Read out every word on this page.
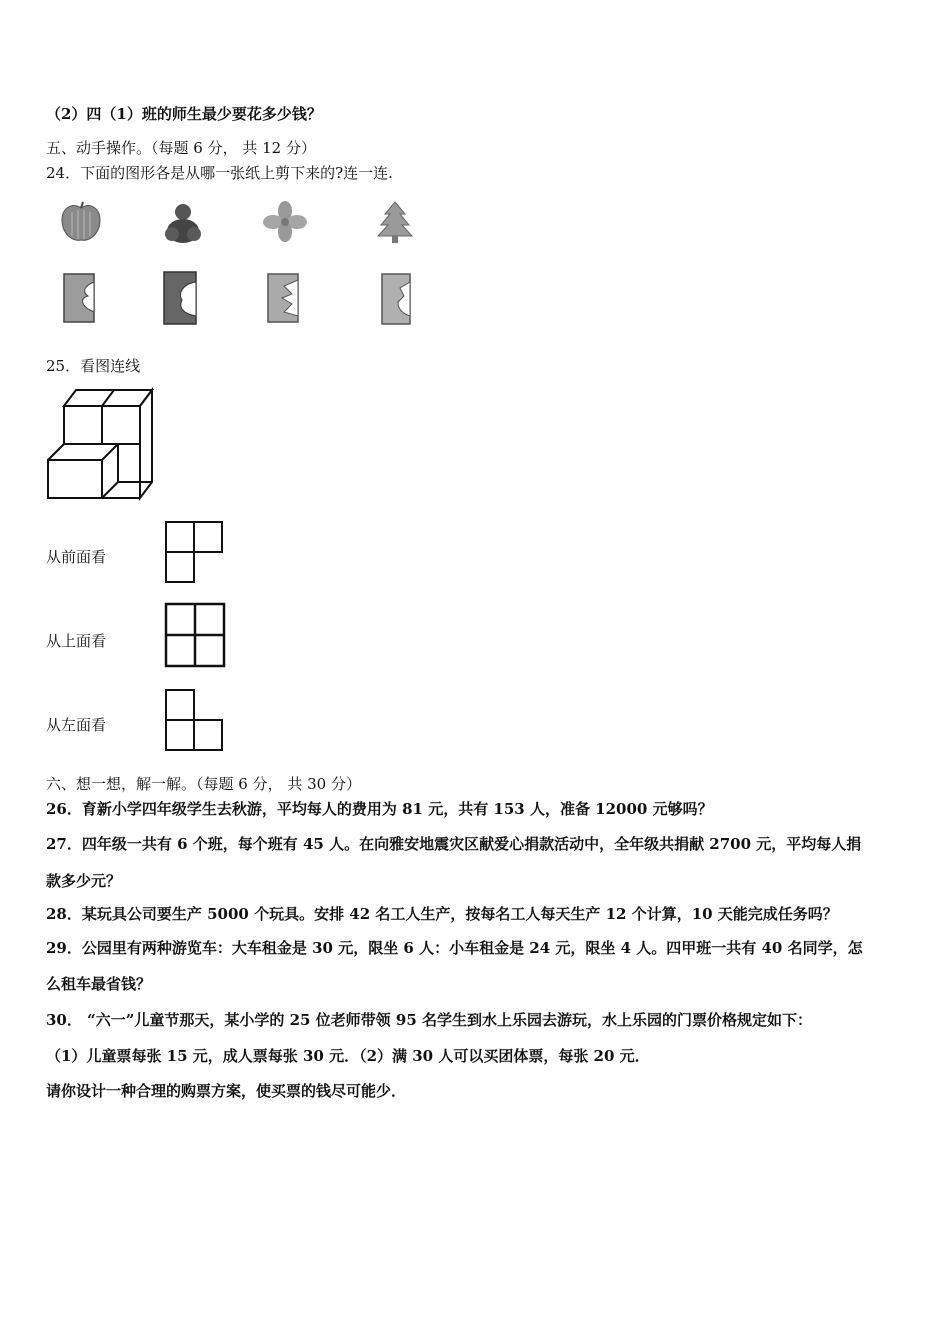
（2）四（1）班的师生最少要花多少钱？
五、动手操作。（每题 6 分， 共 12 分）
24．下面的图形各是从哪一张纸上剪下来的?连一连.
25．看图连线
从前面看
从上面看
从左面看
六、想一想，解一解。（每题 6 分， 共 30 分）
26．育新小学四年级学生去秋游，平均每人的费用为 81 元，共有 153 人，准备 12000 元够吗？
27．四年级一共有 6 个班，每个班有 45 人。在向雅安地震灾区献爱心捐款活动中，全年级共捐献 2700 元，平均每人捐
款多少元？
28．某玩具公司要生产 5000 个玩具。安排 42 名工人生产，按每名工人每天生产 12 个计算，10 天能完成任务吗？
29．公园里有两种游览车：大车租金是 30 元，限坐 6 人：小车租金是 24 元，限坐 4 人。四甲班一共有 40 名同学，怎
么租车最省钱？
30． “六一”儿童节那天，某小学的 25 位老师带领 95 名学生到水上乐园去游玩，水上乐园的门票价格规定如下：
（1）儿童票每张 15 元，成人票每张 30 元．（2）满 30 人可以买团体票，每张 20 元．
请你设计一种合理的购票方案，使买票的钱尽可能少．
